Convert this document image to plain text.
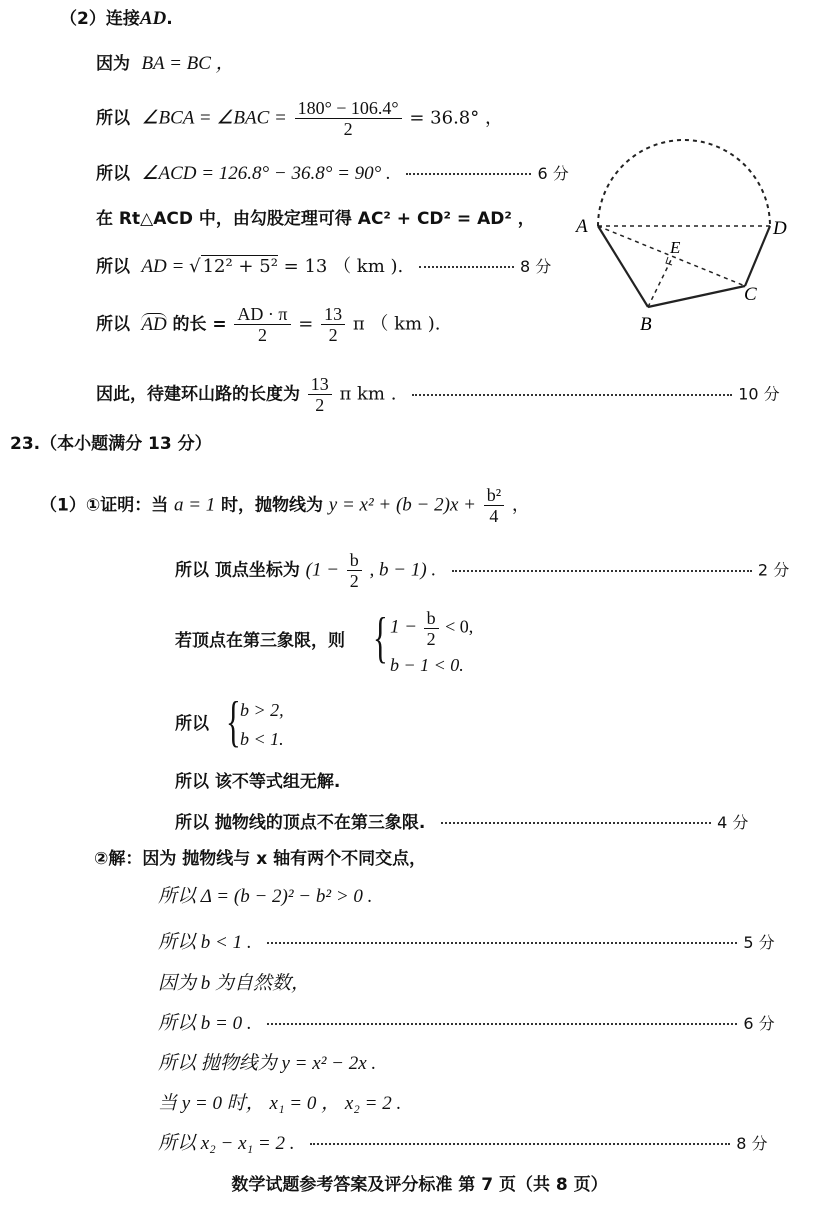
（2）连接AD.
因为 BA = BC ，
所以 ∠BCA = ∠BAC = $\frac{180^\circ - 106.4^\circ}{2} = 36.8^\circ$ ，
所以 ∠ACD = 126.8° − 36.8° = 90° .	6 分
在 Rt△ACD 中，由勾股定理可得 AC² + CD² = AD² ，
所以 AD = √ 12² + 5² = 13 （ km ).	8 分
所以 AD 的长 = $\frac{AD \cdot \pi}{2} = \frac{13}{2}$ π （ km ).
因此，待建环山路的长度为 $\frac{13}{2}$ π km .	10 分
A
B
C
D
E
23.（本小题满分 13 分）
（1）①证明：当 a = 1 时，抛物线为 $y = x^2 + (b - 2)x + \frac{\text{b²}}{4}$ ，
所以 顶点坐标为 ($1 - \frac{b}{2}$ , b − 1) .	2 分
若顶点在第三象限，则 { $1 - \frac{b}{2} < 0$,
b − 1 < 0.
所以 { b > 2,
b < 1.
所以 该不等式组无解.
所以 抛物线的顶点不在第三象限.	4 分
②解：因为 抛物线与 x 轴有两个不同交点，
所以 Δ = (b − 2)² − b² > 0 .
所以 b < 1 .	5 分
因为 b 为自然数，
所以 b = 0 .	6 分
所以 抛物线为 y = x² − 2x .
当 y = 0 时， x₁ = 0 ， x₂ = 2 .
所以 x₂ − x₁ = 2 .	8 分
数学试题参考答案及评分标准 第 7 页（共 8 页）
